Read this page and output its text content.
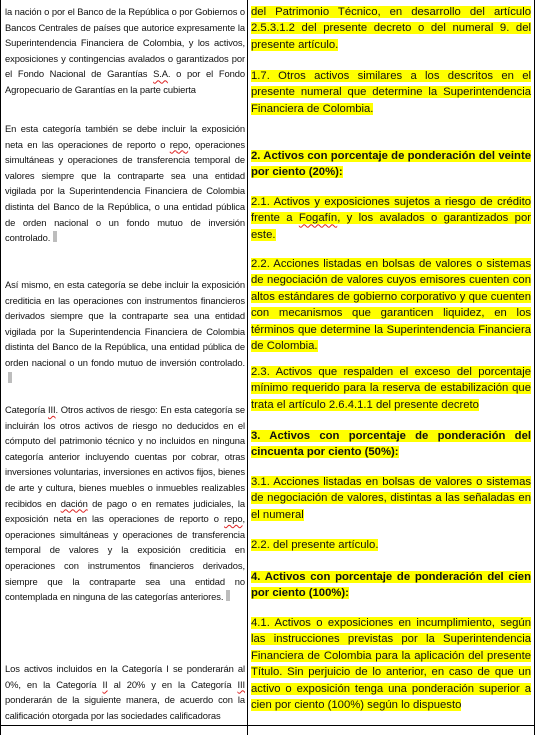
la nación o por el Banco de la República o por Gobiernos o Bancos Centrales de países que autorice expresamente la Superintendencia Financiera de Colombia, y los activos, exposiciones y contingencias avalados o garantizados por el Fondo Nacional de Garantías S.A. o por el Fondo Agropecuario de Garantías en la parte cubierta

En esta categoría también se debe incluir la exposición neta en las operaciones de reporto o repo, operaciones simultáneas y operaciones de transferencia temporal de valores siempre que la contraparte sea una entidad vigilada por la Superintendencia Financiera de Colombia distinta del Banco de la República, o una entidad pública de orden nacional o un fondo mutuo de inversión controlado.

Así mismo, en esta categoría se debe incluir la exposición crediticia en las operaciones con instrumentos financieros derivados siempre que la contraparte sea una entidad vigilada por la Superintendencia Financiera de Colombia distinta del Banco de la República, una entidad pública de orden nacional o un fondo mutuo de inversión controlado.

Categoría III. Otros activos de riesgo: En esta categoría se incluirán los otros activos de riesgo no deducidos en el cómputo del patrimonio técnico y no incluidos en ninguna categoría anterior incluyendo cuentas por cobrar, otras inversiones voluntarias, inversiones en activos fijos, bienes de arte y cultura, bienes muebles o inmuebles realizables recibidos en dación de pago o en remates judiciales, la exposición neta en las operaciones de reporto o repo, operaciones simultáneas y operaciones de transferencia temporal de valores y la exposición crediticia en operaciones con instrumentos financieros derivados, siempre que la contraparte sea una entidad no contemplada en ninguna de las categorías anteriores.

Los activos incluidos en la Categoría I se ponderarán al 0%, en la Categoría II al 20% y en la Categoría III ponderarán de la siguiente manera, de acuerdo con la calificación otorgada por las sociedades calificadoras

del Patrimonio Técnico, en desarrollo del artículo 2.5.3.1.2 del presente decreto o del numeral 9. del presente artículo.

1.7. Otros activos similares a los descritos en el presente numeral que determine la Superintendencia Financiera de Colombia.

2. Activos con porcentaje de ponderación del veinte por ciento (20%):

2.1. Activos y exposiciones sujetos a riesgo de crédito frente a Fogafín, y los avalados o garantizados por este.

2.2. Acciones listadas en bolsas de valores o sistemas de negociación de valores cuyos emisores cuenten con altos estándares de gobierno corporativo y que cuenten con mecanismos que garanticen liquidez, en los términos que determine la Superintendencia Financiera de Colombia.

2.3. Activos que respalden el exceso del porcentaje mínimo requerido para la reserva de estabilización que trata el artículo 2.6.4.1.1 del presente decreto

3. Activos con porcentaje de ponderación del cincuenta por ciento (50%):

3.1. Acciones listadas en bolsas de valores o sistemas de negociación de valores, distintas a las señaladas en el numeral

2.2. del presente artículo.

4. Activos con porcentaje de ponderación del cien por ciento (100%):

4.1. Activos o exposiciones en incumplimiento, según las instrucciones previstas por la Superintendencia Financiera de Colombia para la aplicación del presente Título. Sin perjuicio de lo anterior, en caso de que un activo o exposición tenga una ponderación superior a cien por ciento (100%) según lo dispuesto
